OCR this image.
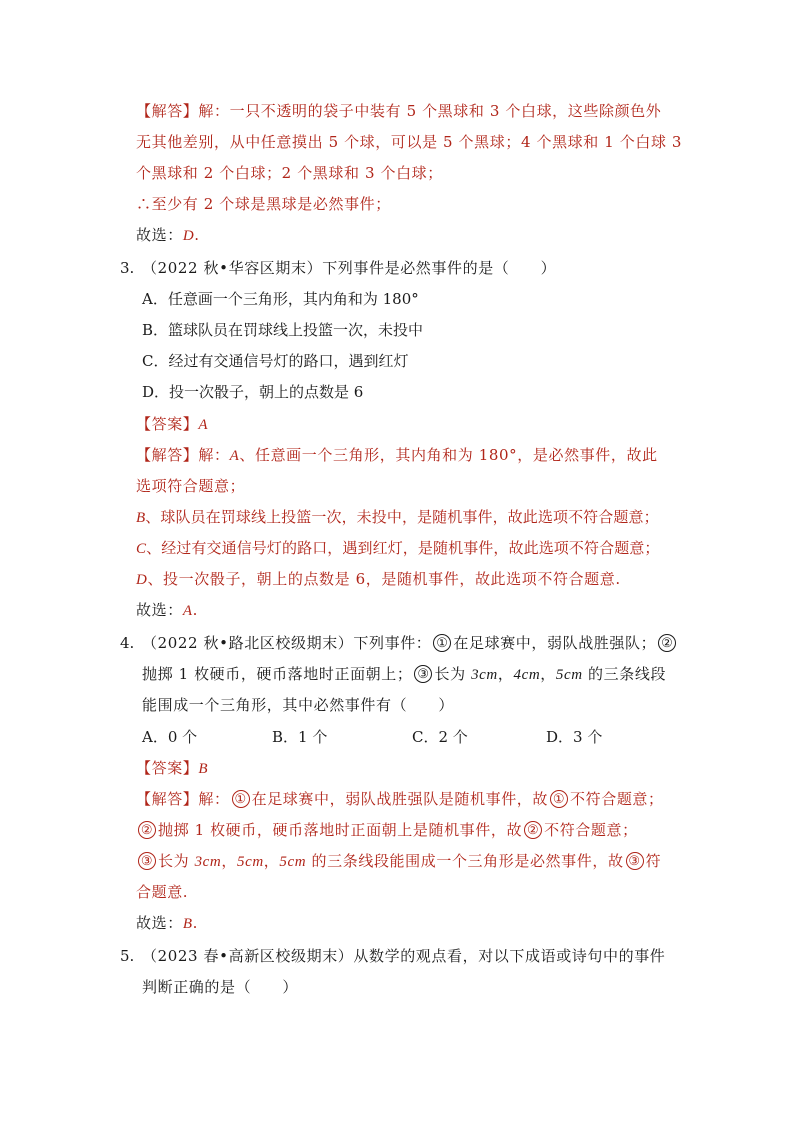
【解答】解：一只不透明的袋子中装有 5 个黑球和 3 个白球，这些除颜色外
无其他差别，从中任意摸出 5 个球，可以是 5 个黑球；4 个黑球和 1 个白球 3
个黑球和 2 个白球；2 个黑球和 3 个白球；
∴至少有 2 个球是黑球是必然事件；
故选：D.
3. （2022 秋•华容区期末）下列事件是必然事件的是（　　）
A．任意画一个三角形，其内角和为 180°
B．篮球队员在罚球线上投篮一次，未投中
C．经过有交通信号灯的路口，遇到红灯
D．投一次骰子，朝上的点数是 6
【答案】A
【解答】解：A、任意画一个三角形，其内角和为 180°，是必然事件，故此
选项符合题意；
B、球队员在罚球线上投篮一次，未投中，是随机事件，故此选项不符合题意；
C、经过有交通信号灯的路口，遇到红灯，是随机事件，故此选项不符合题意；
D、投一次骰子，朝上的点数是 6，是随机事件，故此选项不符合题意.
故选：A.
4. （2022 秋•路北区校级期末）下列事件： ① 在足球赛中，弱队战胜强队； ②
抛掷 1 枚硬币，硬币落地时正面朝上； ③ 长为 3cm，4cm，5cm 的三条线段
能围成一个三角形，其中必然事件有（　　）
A．0 个	B．1 个	C．2 个	D．3 个
【答案】B
【解答】解： ① 在足球赛中，弱队战胜强队是随机事件，故 ① 不符合题意；
② 抛掷 1 枚硬币，硬币落地时正面朝上是随机事件，故 ② 不符合题意；
③ 长为 3cm，5cm，5cm 的三条线段能围成一个三角形是必然事件，故 ③ 符
合题意.
故选：B.
5. （2023 春•高新区校级期末）从数学的观点看，对以下成语或诗句中的事件
判断正确的是（　　）
